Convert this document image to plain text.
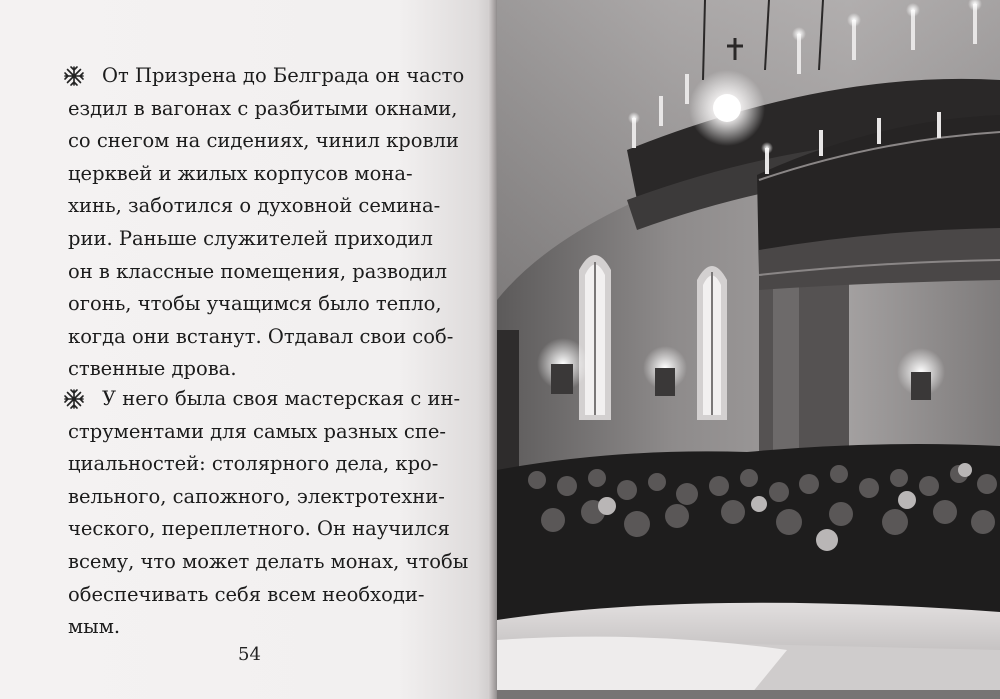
От Призрена до Белграда он часто
ездил в вагонах с разбитыми окнами,
со снегом на сидениях, чинил кровли
церквей и жилых корпусов мона-
хинь, заботился о духовной семина-
рии. Раньше служителей приходил
он в классные помещения, разводил
огонь, чтобы учащимся было тепло,
когда они встанут. Отдавал свои соб-
ственные дрова.
У него была своя мастерская с ин-
струментами для самых разных спе-
циальностей: столярного дела, кро-
вельного, сапожного, электротехни-
ческого, переплетного. Он научился
всему, что может делать монах, чтобы
обеспечивать себя всем необходи-
мым.
54
